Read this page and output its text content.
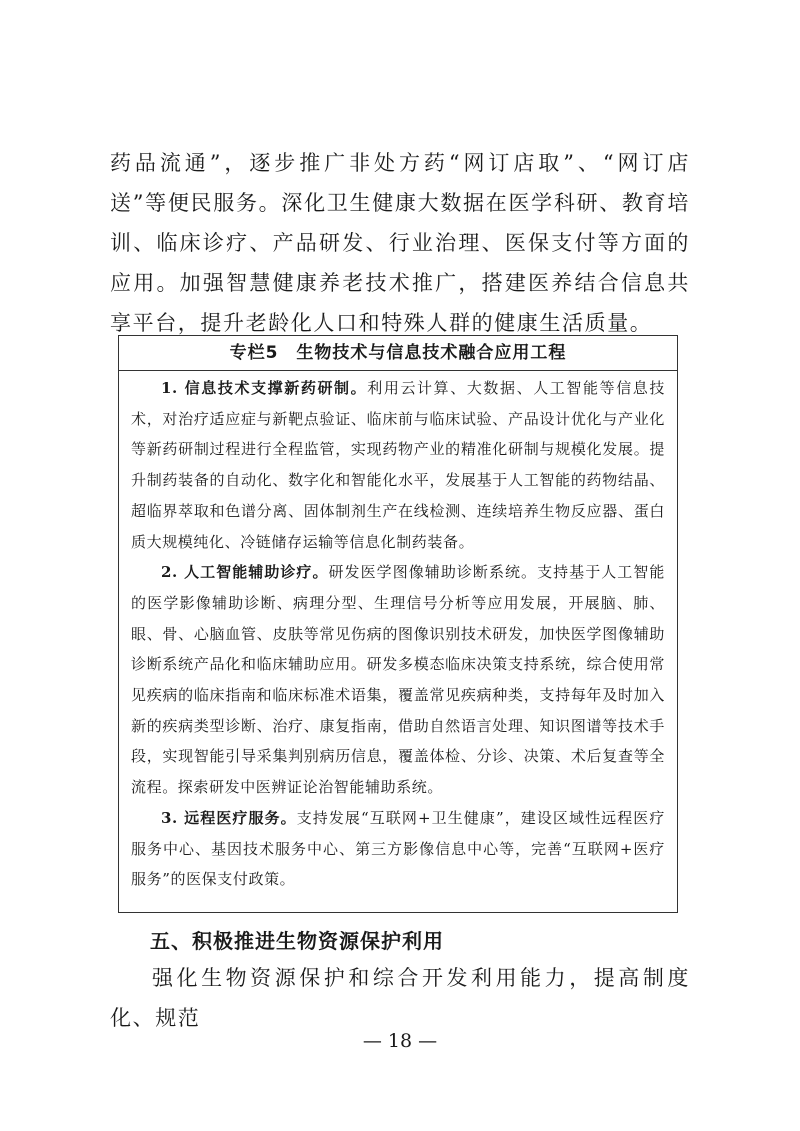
药品流通”，逐步推广非处方药“网订店取”、“网订店送”等便民服务。深化卫生健康大数据在医学科研、教育培训、临床诊疗、产品研发、行业治理、医保支付等方面的应用。加强智慧健康养老技术推广，搭建医养结合信息共享平台，提升老龄化人口和特殊人群的健康生活质量。

专栏5　生物技术与信息技术融合应用工程

1. 信息技术支撑新药研制。利用云计算、大数据、人工智能等信息技术，对治疗适应症与新靶点验证、临床前与临床试验、产品设计优化与产业化等新药研制过程进行全程监管，实现药物产业的精准化研制与规模化发展。提升制药装备的自动化、数字化和智能化水平，发展基于人工智能的药物结晶、超临界萃取和色谱分离、固体制剂生产在线检测、连续培养生物反应器、蛋白质大规模纯化、冷链储存运输等信息化制药装备。

2. 人工智能辅助诊疗。研发医学图像辅助诊断系统。支持基于人工智能的医学影像辅助诊断、病理分型、生理信号分析等应用发展，开展脑、肺、眼、骨、心脑血管、皮肤等常见伤病的图像识别技术研发，加快医学图像辅助诊断系统产品化和临床辅助应用。研发多模态临床决策支持系统，综合使用常见疾病的临床指南和临床标准术语集，覆盖常见疾病种类，支持每年及时加入新的疾病类型诊断、治疗、康复指南，借助自然语言处理、知识图谱等技术手段，实现智能引导采集判别病历信息，覆盖体检、分诊、决策、术后复查等全流程。探索研发中医辨证论治智能辅助系统。

3. 远程医疗服务。支持发展“互联网+卫生健康”，建设区域性远程医疗服务中心、基因技术服务中心、第三方影像信息中心等，完善“互联网+医疗服务”的医保支付政策。

五、积极推进生物资源保护利用

强化生物资源保护和综合开发利用能力，提高制度化、规范

— 18 —
